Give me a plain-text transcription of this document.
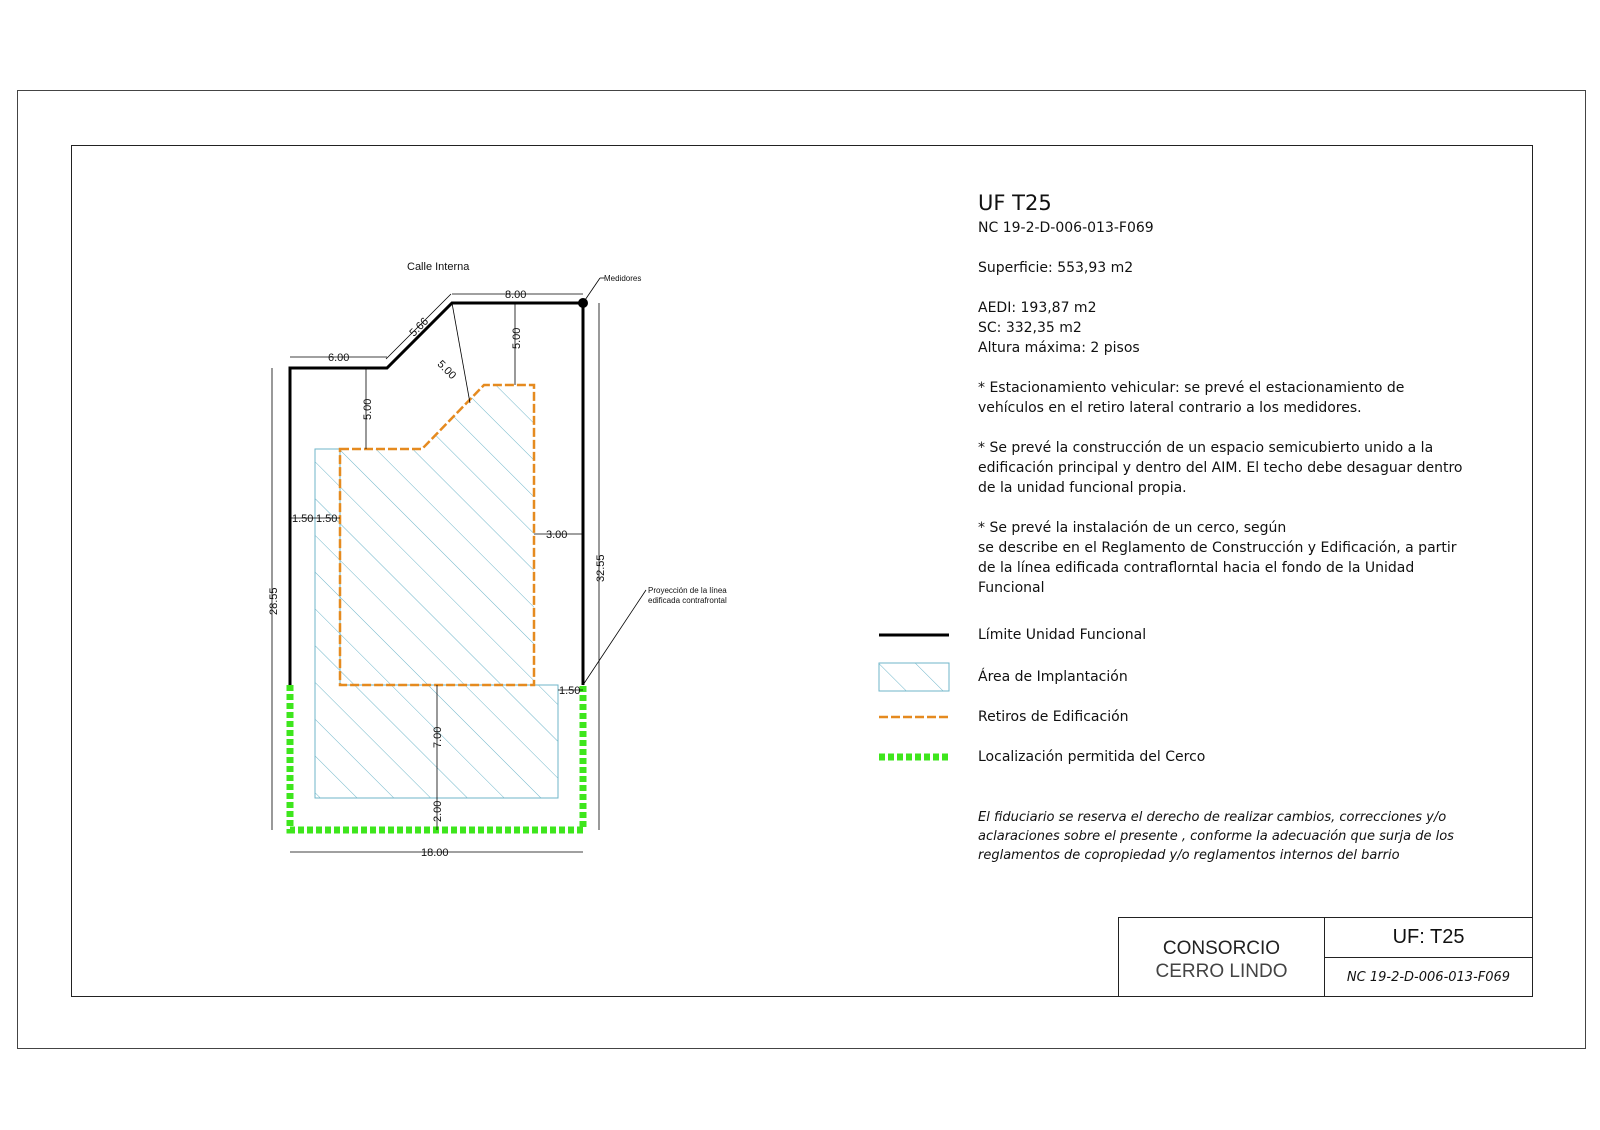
Medidores
Calle Interna
6.00
5.66
8.00
5.00
5.00
5.00
1.50 1.50
3.00
28.55
32.55
1.50
7.00
2.00
18.00
Proyección de la línea
edificada contrafrontal

UF T25

NC 19-2-D-006-013-F069

Superficie: 553,93 m2

AEDI: 193,87 m2

SC: 332,35 m2

Altura máxima: 2 pisos

* Estacionamiento vehicular: se prevé el estacionamiento de

vehículos en el retiro lateral contrario a los medidores.

* Se prevé la construcción de un espacio semicubierto unido a la

edificación principal y dentro del AIM. El techo debe desaguar dentro

de la unidad funcional propia.

* Se prevé la instalación de un cerco, según

se describe en el Reglamento de Construcción y Edificación, a partir

de la línea edificada contraflorntal hacia el fondo de la Unidad

Funcional

Límite Unidad Funcional
Área de Implantación
Retiros de Edificación
Localización permitida del Cerco
El fiduciario se reserva el derecho de realizar cambios, correcciones y/o
aclaraciones sobre el presente , conforme la adecuación que surja de los
reglamentos de copropiedad y/o reglamentos internos del barrio
CONSORCIO
CERRO LINDO
UF: T25
NC 19-2-D-006-013-F069
